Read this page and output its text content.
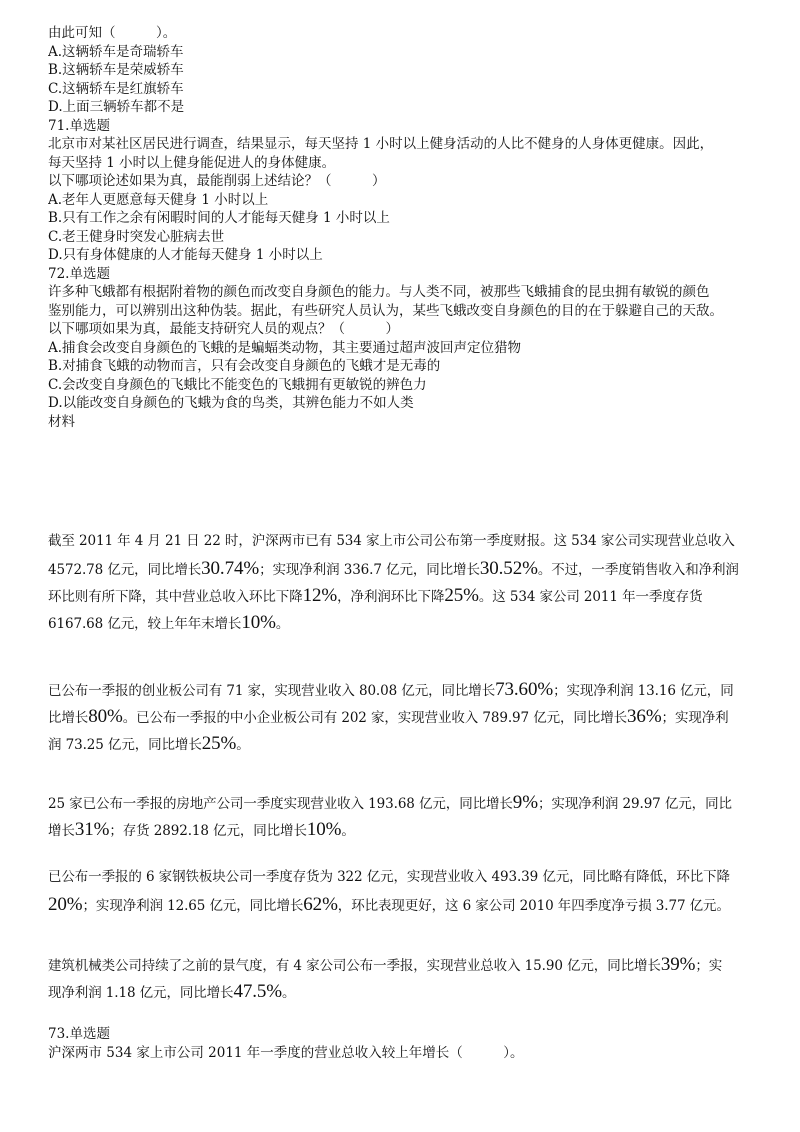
由此可知（　　　）。
A.这辆轿车是奇瑞轿车
B.这辆轿车是荣威轿车
C.这辆轿车是红旗轿车
D.上面三辆轿车都不是
71.单选题
北京市对某社区居民进行调查，结果显示，每天坚持 1 小时以上健身活动的人比不健身的人身体更健康。因此，
每天坚持 1 小时以上健身能促进人的身体健康。
以下哪项论述如果为真，最能削弱上述结论？（　　　）
A.老年人更愿意每天健身 1 小时以上
B.只有工作之余有闲暇时间的人才能每天健身 1 小时以上
C.老王健身时突发心脏病去世
D.只有身体健康的人才能每天健身 1 小时以上
72.单选题
许多种飞蛾都有根据附着物的颜色而改变自身颜色的能力。与人类不同，被那些飞蛾捕食的昆虫拥有敏锐的颜色
鉴别能力，可以辨别出这种伪装。据此，有些研究人员认为，某些飞蛾改变自身颜色的目的在于躲避自己的天敌。
以下哪项如果为真，最能支持研究人员的观点？（　　　）
A.捕食会改变自身颜色的飞蛾的是蝙蝠类动物，其主要通过超声波回声定位猎物
B.对捕食飞蛾的动物而言，只有会改变自身颜色的飞蛾才是无毒的
C.会改变自身颜色的飞蛾比不能变色的飞蛾拥有更敏锐的辨色力
D.以能改变自身颜色的飞蛾为食的鸟类，其辨色能力不如人类
材料
截至 2011 年 4 月 21 日 22 时，沪深两市已有 534 家上市公司公布第一季度财报。这 534 家公司实现营业总收入
4572.78 亿元，同比增长30.74%；实现净利润 336.7 亿元，同比增长30.52%。不过，一季度销售收入和净利润
环比则有所下降，其中营业总收入环比下降12%，净利润环比下降25%。这 534 家公司 2011 年一季度存货
6167.68 亿元，较上年年末增长10%。
已公布一季报的创业板公司有 71 家，实现营业收入 80.08 亿元，同比增长73.60%；实现净利润 13.16 亿元，同
比增长80%。已公布一季报的中小企业板公司有 202 家，实现营业收入 789.97 亿元，同比增长36%；实现净利
润 73.25 亿元，同比增长25%。
25 家已公布一季报的房地产公司一季度实现营业收入 193.68 亿元，同比增长9%；实现净利润 29.97 亿元，同比
增长31%；存货 2892.18 亿元，同比增长10%。
已公布一季报的 6 家钢铁板块公司一季度存货为 322 亿元，实现营业收入 493.39 亿元，同比略有降低，环比下降
20%；实现净利润 12.65 亿元，同比增长62%，环比表现更好，这 6 家公司 2010 年四季度净亏损 3.77 亿元。
建筑机械类公司持续了之前的景气度，有 4 家公司公布一季报，实现营业总收入 15.90 亿元，同比增长39%；实
现净利润 1.18 亿元，同比增长47.5%。
73.单选题
沪深两市 534 家上市公司 2011 年一季度的营业总收入较上年增长（　　　）。
